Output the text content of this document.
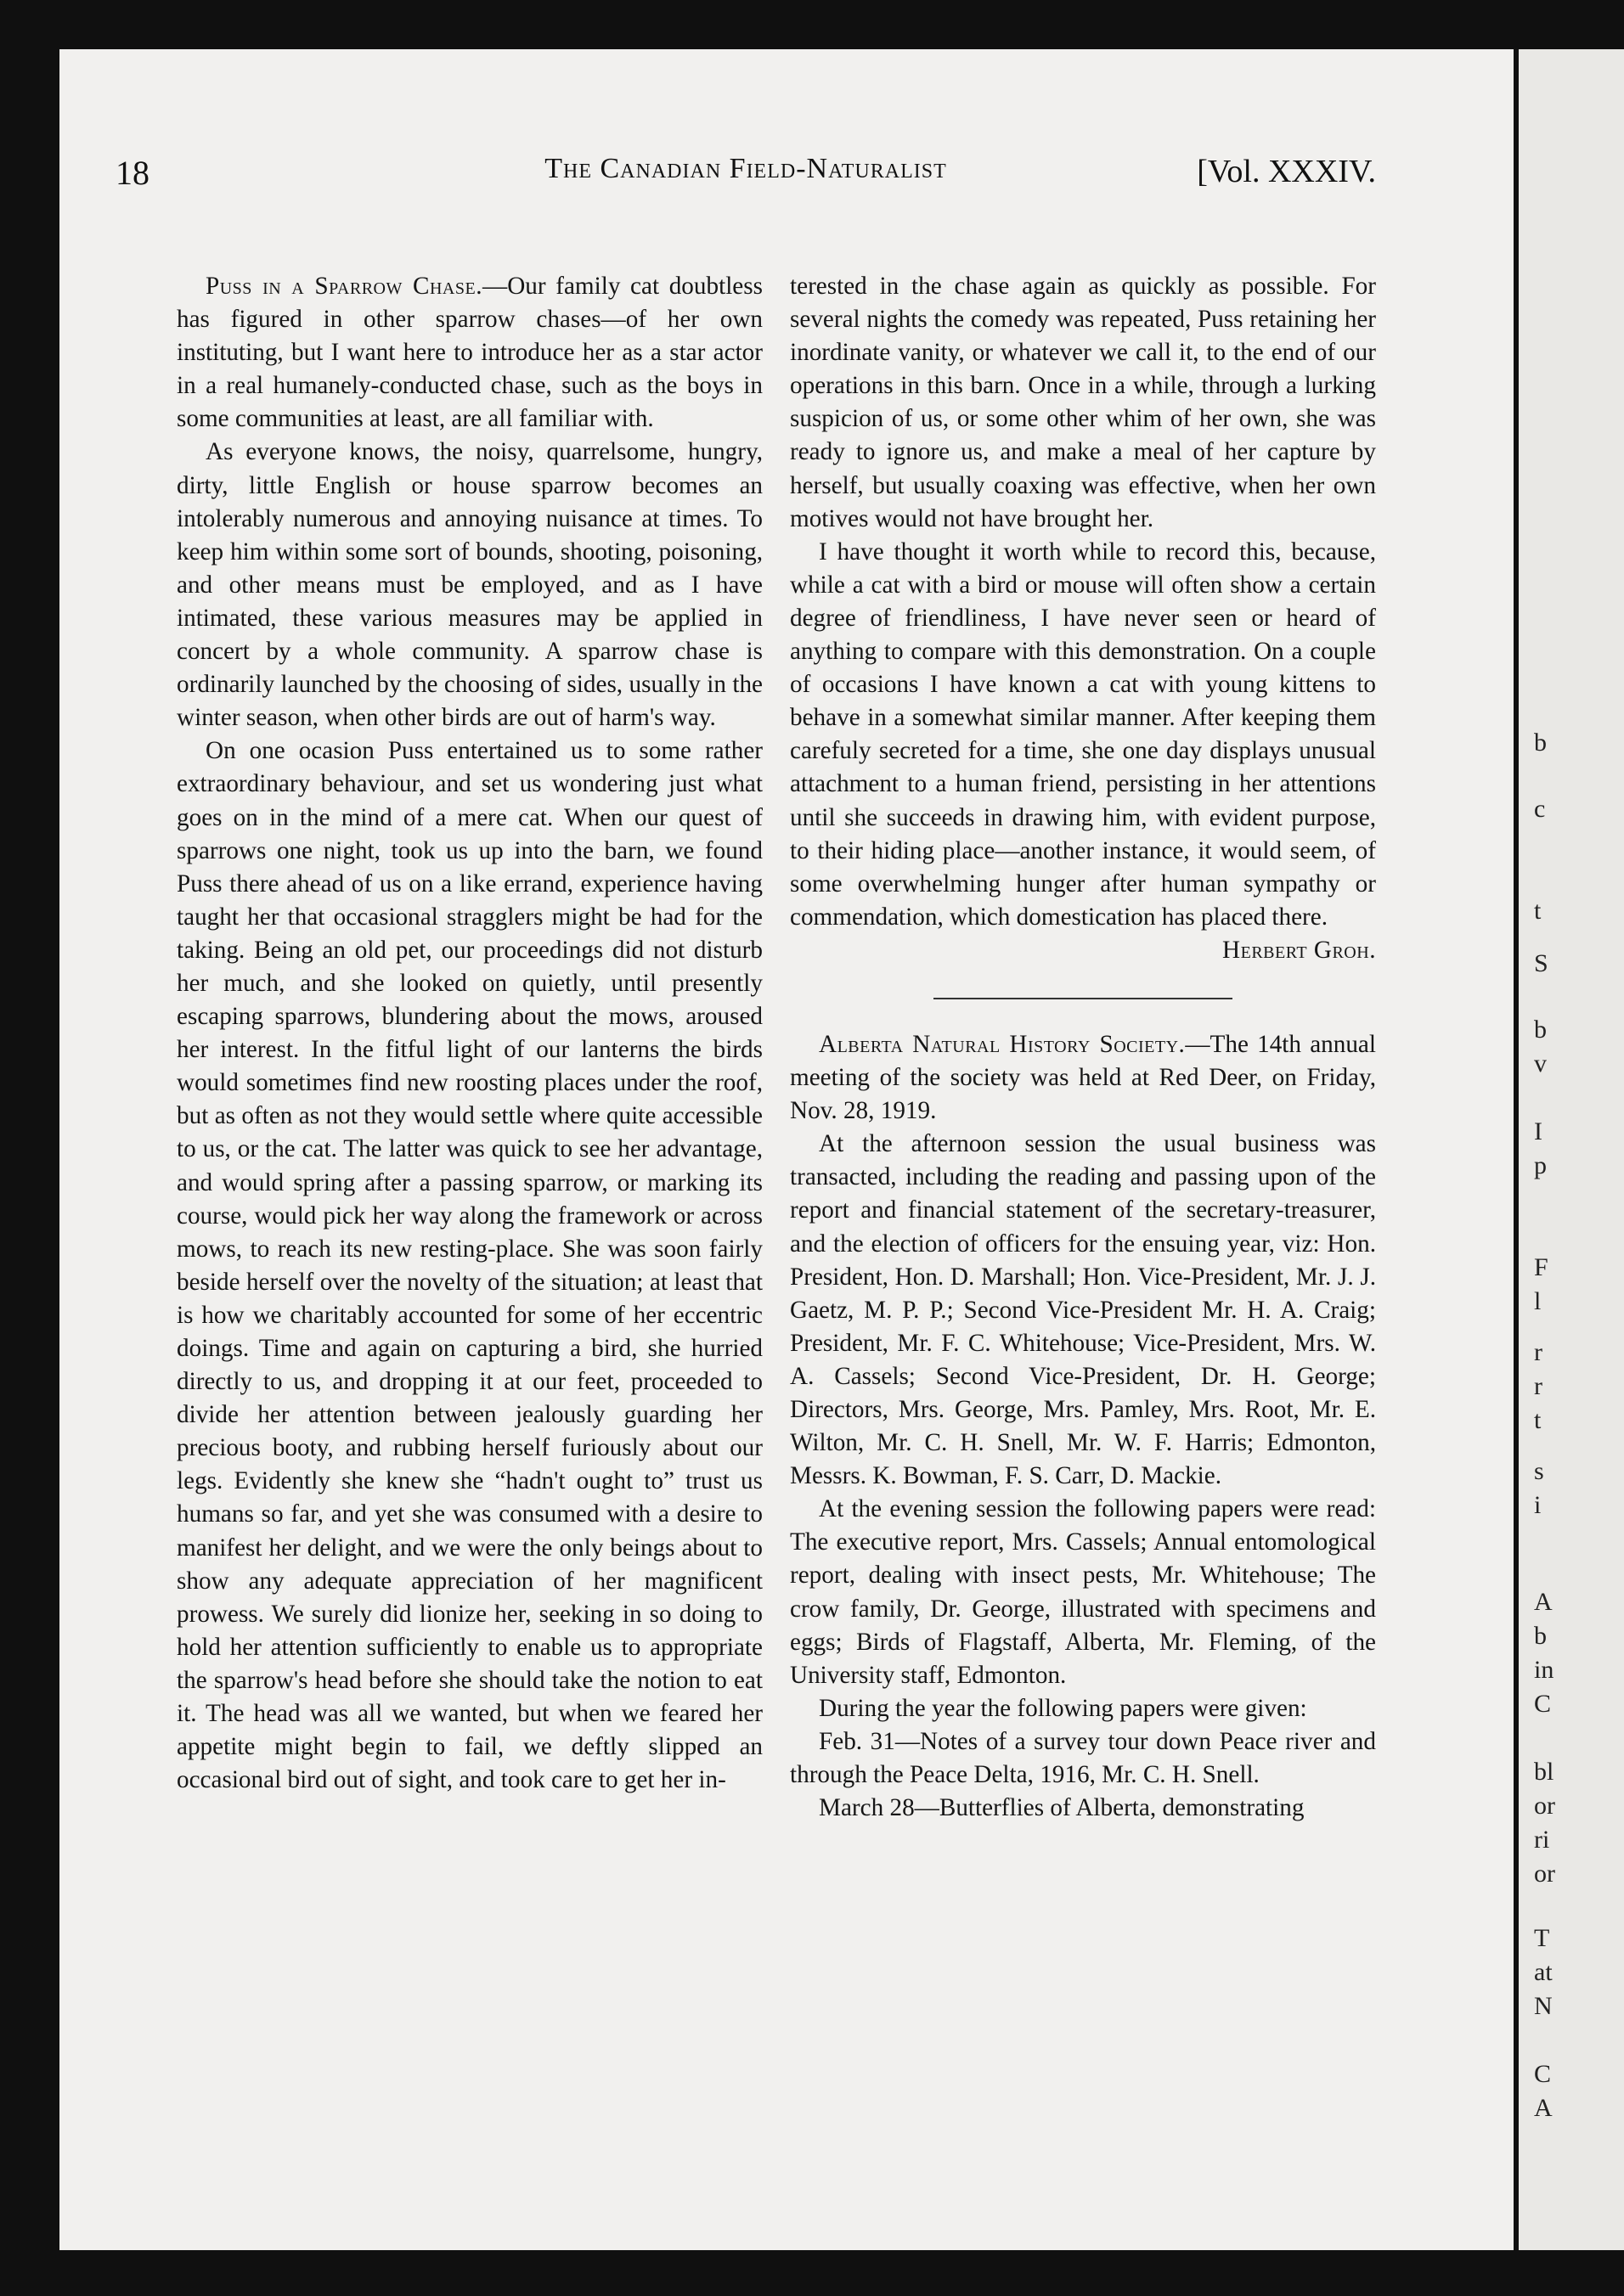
b
c
t
S
b
v
I
p
F
l
r
r
t
s
i
A
b
in
C
bl
or
ri
or
T
at
N
C
A
18	The Canadian Field-Naturalist	[Vol. XXXIV.

Puss in a Sparrow Chase.—Our family cat doubtless has figured in other sparrow chases—of her own instituting, but I want here to introduce her as a star actor in a real humanely-conducted chase, such as the boys in some communities at least, are all familiar with.

As everyone knows, the noisy, quarrelsome, hungry, dirty, little English or house sparrow becomes an intolerably numerous and annoying nuisance at times. To keep him within some sort of bounds, shooting, poisoning, and other means must be employed, and as I have intimated, these various measures may be applied in concert by a whole community. A sparrow chase is ordinarily launched by the choosing of sides, usually in the winter season, when other birds are out of harm's way.

On one ocasion Puss entertained us to some rather extraordinary behaviour, and set us wondering just what goes on in the mind of a mere cat. When our quest of sparrows one night, took us up into the barn, we found Puss there ahead of us on a like errand, experience having taught her that occasional stragglers might be had for the taking. Being an old pet, our proceedings did not disturb her much, and she looked on quietly, until presently escaping sparrows, blundering about the mows, aroused her interest. In the fitful light of our lanterns the birds would sometimes find new roosting places under the roof, but as often as not they would settle where quite accessible to us, or the cat. The latter was quick to see her advantage, and would spring after a passing sparrow, or marking its course, would pick her way along the framework or across mows, to reach its new resting-place. She was soon fairly beside herself over the novelty of the situation; at least that is how we charitably accounted for some of her eccentric doings. Time and again on capturing a bird, she hurried directly to us, and dropping it at our feet, proceeded to divide her attention between jealously guarding her precious booty, and rubbing herself furiously about our legs. Evidently she knew she “hadn't ought to” trust us humans so far, and yet she was consumed with a desire to manifest her delight, and we were the only beings about to show any adequate appreciation of her magnificent prowess. We surely did lionize her, seeking in so doing to hold her attention sufficiently to enable us to appropriate the sparrow's head before she should take the notion to eat it. The head was all we wanted, but when we feared her appetite might begin to fail, we deftly slipped an occasional bird out of sight, and took care to get her in-

terested in the chase again as quickly as possible. For several nights the comedy was repeated, Puss retaining her inordinate vanity, or whatever we call it, to the end of our operations in this barn. Once in a while, through a lurking suspicion of us, or some other whim of her own, she was ready to ignore us, and make a meal of her capture by herself, but usually coaxing was effective, when her own motives would not have brought her.

I have thought it worth while to record this, because, while a cat with a bird or mouse will often show a certain degree of friendliness, I have never seen or heard of anything to compare with this demonstration. On a couple of occasions I have known a cat with young kittens to behave in a somewhat similar manner. After keeping them carefuly secreted for a time, she one day displays unusual attachment to a human friend, persisting in her attentions until she succeeds in drawing him, with evident purpose, to their hiding place—another instance, it would seem, of some overwhelming hunger after human sympathy or commendation, which domestication has placed there.

Herbert Groh.

Alberta Natural History Society.—The 14th annual meeting of the society was held at Red Deer, on Friday, Nov. 28, 1919.

At the afternoon session the usual business was transacted, including the reading and passing upon of the report and financial statement of the secretary-treasurer, and the election of officers for the ensuing year, viz: Hon. President, Hon. D. Marshall; Hon. Vice-President, Mr. J. J. Gaetz, M. P. P.; Second Vice-President Mr. H. A. Craig; President, Mr. F. C. Whitehouse; Vice-President, Mrs. W. A. Cassels; Second Vice-President, Dr. H. George; Directors, Mrs. George, Mrs. Pamley, Mrs. Root, Mr. E. Wilton, Mr. C. H. Snell, Mr. W. F. Harris; Edmonton, Messrs. K. Bowman, F. S. Carr, D. Mackie.

At the evening session the following papers were read: The executive report, Mrs. Cassels; Annual entomological report, dealing with insect pests, Mr. Whitehouse; The crow family, Dr. George, illustrated with specimens and eggs; Birds of Flagstaff, Alberta, Mr. Fleming, of the University staff, Edmonton.

During the year the following papers were given:

Feb. 31—Notes of a survey tour down Peace river and through the Peace Delta, 1916, Mr. C. H. Snell.

March 28—Butterflies of Alberta, demonstrating
